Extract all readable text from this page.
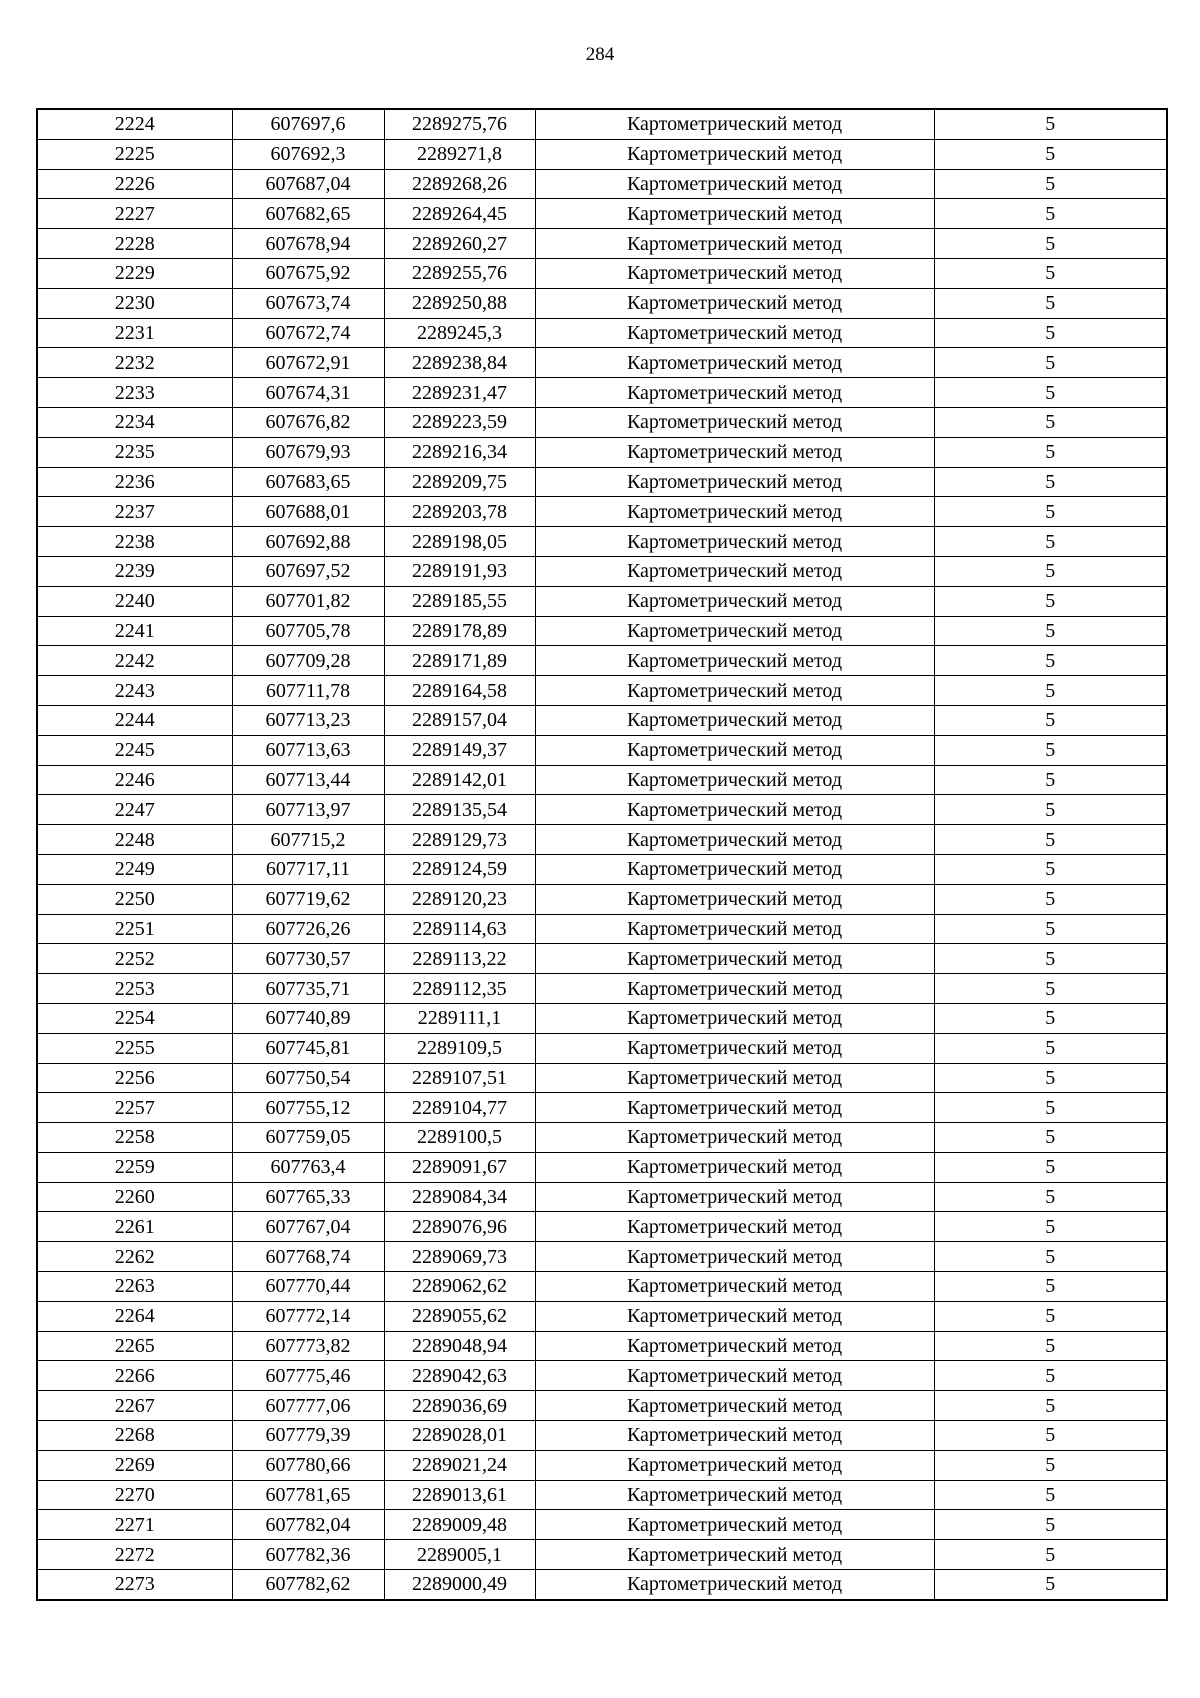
284
2224	607697,6	2289275,76	Картометрический метод	5
2225	607692,3	2289271,8	Картометрический метод	5
2226	607687,04	2289268,26	Картометрический метод	5
2227	607682,65	2289264,45	Картометрический метод	5
2228	607678,94	2289260,27	Картометрический метод	5
2229	607675,92	2289255,76	Картометрический метод	5
2230	607673,74	2289250,88	Картометрический метод	5
2231	607672,74	2289245,3	Картометрический метод	5
2232	607672,91	2289238,84	Картометрический метод	5
2233	607674,31	2289231,47	Картометрический метод	5
2234	607676,82	2289223,59	Картометрический метод	5
2235	607679,93	2289216,34	Картометрический метод	5
2236	607683,65	2289209,75	Картометрический метод	5
2237	607688,01	2289203,78	Картометрический метод	5
2238	607692,88	2289198,05	Картометрический метод	5
2239	607697,52	2289191,93	Картометрический метод	5
2240	607701,82	2289185,55	Картометрический метод	5
2241	607705,78	2289178,89	Картометрический метод	5
2242	607709,28	2289171,89	Картометрический метод	5
2243	607711,78	2289164,58	Картометрический метод	5
2244	607713,23	2289157,04	Картометрический метод	5
2245	607713,63	2289149,37	Картометрический метод	5
2246	607713,44	2289142,01	Картометрический метод	5
2247	607713,97	2289135,54	Картометрический метод	5
2248	607715,2	2289129,73	Картометрический метод	5
2249	607717,11	2289124,59	Картометрический метод	5
2250	607719,62	2289120,23	Картометрический метод	5
2251	607726,26	2289114,63	Картометрический метод	5
2252	607730,57	2289113,22	Картометрический метод	5
2253	607735,71	2289112,35	Картометрический метод	5
2254	607740,89	2289111,1	Картометрический метод	5
2255	607745,81	2289109,5	Картометрический метод	5
2256	607750,54	2289107,51	Картометрический метод	5
2257	607755,12	2289104,77	Картометрический метод	5
2258	607759,05	2289100,5	Картометрический метод	5
2259	607763,4	2289091,67	Картометрический метод	5
2260	607765,33	2289084,34	Картометрический метод	5
2261	607767,04	2289076,96	Картометрический метод	5
2262	607768,74	2289069,73	Картометрический метод	5
2263	607770,44	2289062,62	Картометрический метод	5
2264	607772,14	2289055,62	Картометрический метод	5
2265	607773,82	2289048,94	Картометрический метод	5
2266	607775,46	2289042,63	Картометрический метод	5
2267	607777,06	2289036,69	Картометрический метод	5
2268	607779,39	2289028,01	Картометрический метод	5
2269	607780,66	2289021,24	Картометрический метод	5
2270	607781,65	2289013,61	Картометрический метод	5
2271	607782,04	2289009,48	Картометрический метод	5
2272	607782,36	2289005,1	Картометрический метод	5
2273	607782,62	2289000,49	Картометрический метод	5
